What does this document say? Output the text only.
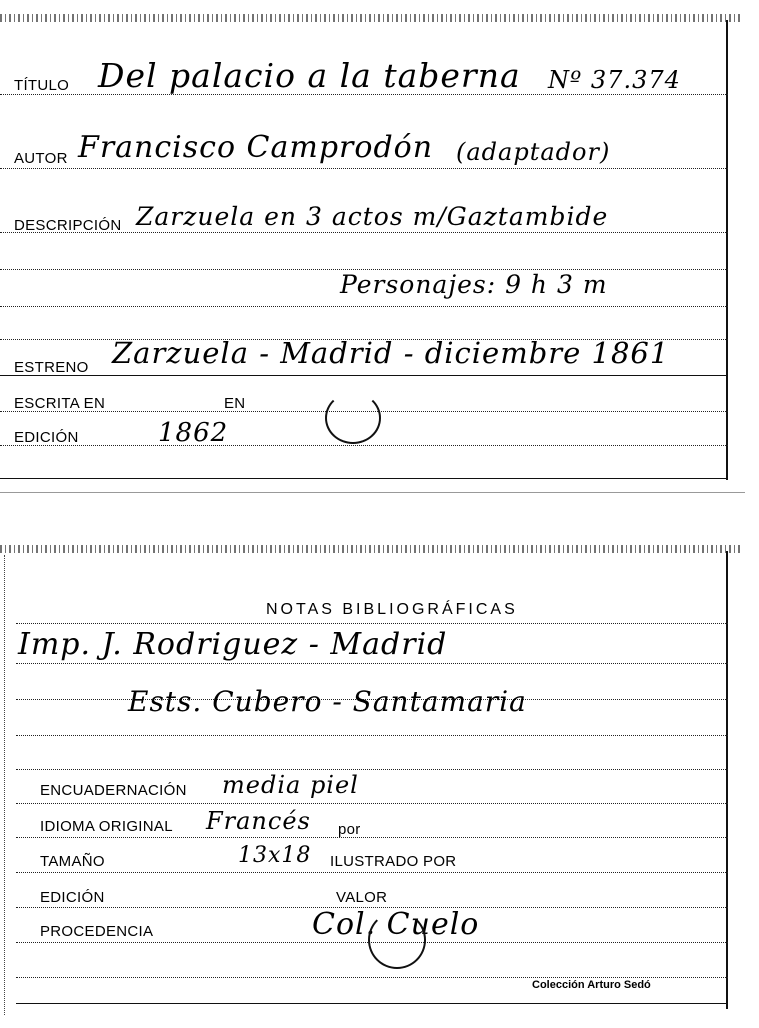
TÍTULO Del palacio a la taberna Nº 37.374
AUTOR Francisco Camprodón (adaptador)
DESCRIPCIÓN Zarzuela en 3 actos m/Gaztambide
Personajes: 9 h 3 m
ESTRENO Zarzuela - Madrid - diciembre 1861
ESCRITA EN	EN
EDICIÓN	1862
NOTAS BIBLIOGRÁFICAS
Imp. J. Rodriguez - Madrid
Ests. Cubero - Santamaria
ENCUADERNACIÓN media piel
IDIOMA ORIGINAL Francés por
TAMAÑO	13x18 ILUSTRADO POR
EDICIÓN	VALOR
PROCEDENCIA	Col. Cuelo
Colección Arturo Sedó
